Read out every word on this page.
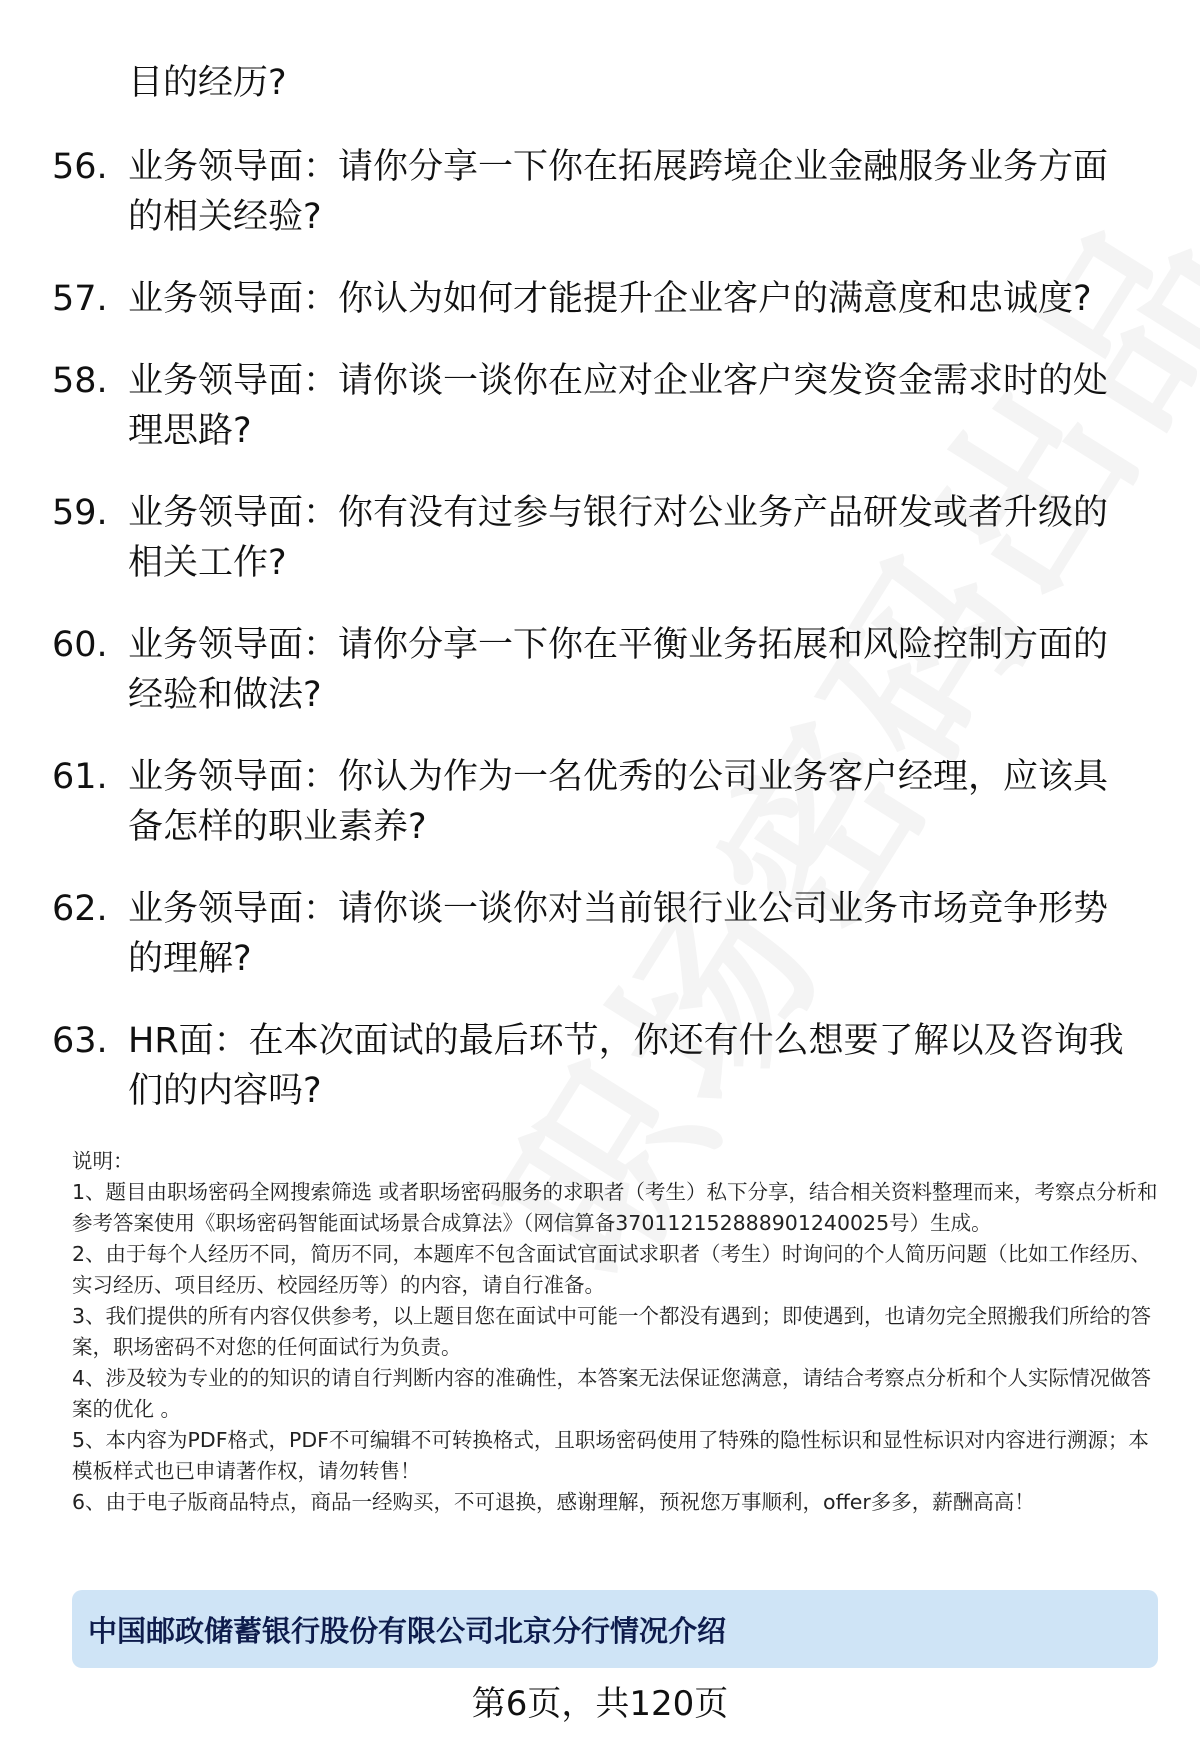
目的经历?
56. 业务领导面：请你分享一下你在拓展跨境企业金融服务业务方面的相关经验?
57. 业务领导面：你认为如何才能提升企业客户的满意度和忠诚度?
58. 业务领导面：请你谈一谈你在应对企业客户突发资金需求时的处理思路?
59. 业务领导面：你有没有过参与银行对公业务产品研发或者升级的相关工作?
60. 业务领导面：请你分享一下你在平衡业务拓展和风险控制方面的经验和做法?
61. 业务领导面：你认为作为一名优秀的公司业务客户经理，应该具备怎样的职业素养?
62. 业务领导面：请你谈一谈你对当前银行业公司业务市场竞争形势的理解?
63. HR面：在本次面试的最后环节，你还有什么想要了解以及咨询我们的内容吗?

说明：

1、题目由职场密码全网搜索筛选 或者职场密码服务的求职者（考生）私下分享，结合相关资料整理而来，考察点分析和参考答案使用《职场密码智能面试场景合成算法》（网信算备370112152888901240025号）生成。

2、由于每个人经历不同，简历不同，本题库不包含面试官面试求职者（考生）时询问的个人简历问题（比如工作经历、实习经历、项目经历、校园经历等）的内容，请自行准备。

3、我们提供的所有内容仅供参考，以上题目您在面试中可能一个都没有遇到；即使遇到，也请勿完全照搬我们所给的答案，职场密码不对您的任何面试行为负责。

4、涉及较为专业的的知识的请自行判断内容的准确性，本答案无法保证您满意，请结合考察点分析和个人实际情况做答案的优化 。

5、本内容为PDF格式，PDF不可编辑不可转换格式，且职场密码使用了特殊的隐性标识和显性标识对内容进行溯源；本模板样式也已申请著作权，请勿转售！

6、由于电子版商品特点，商品一经购买，不可退换，感谢理解，预祝您万事顺利，offer多多，薪酬高高！

中国邮政储蓄银行股份有限公司北京分行情况介绍
第6页，共120页
